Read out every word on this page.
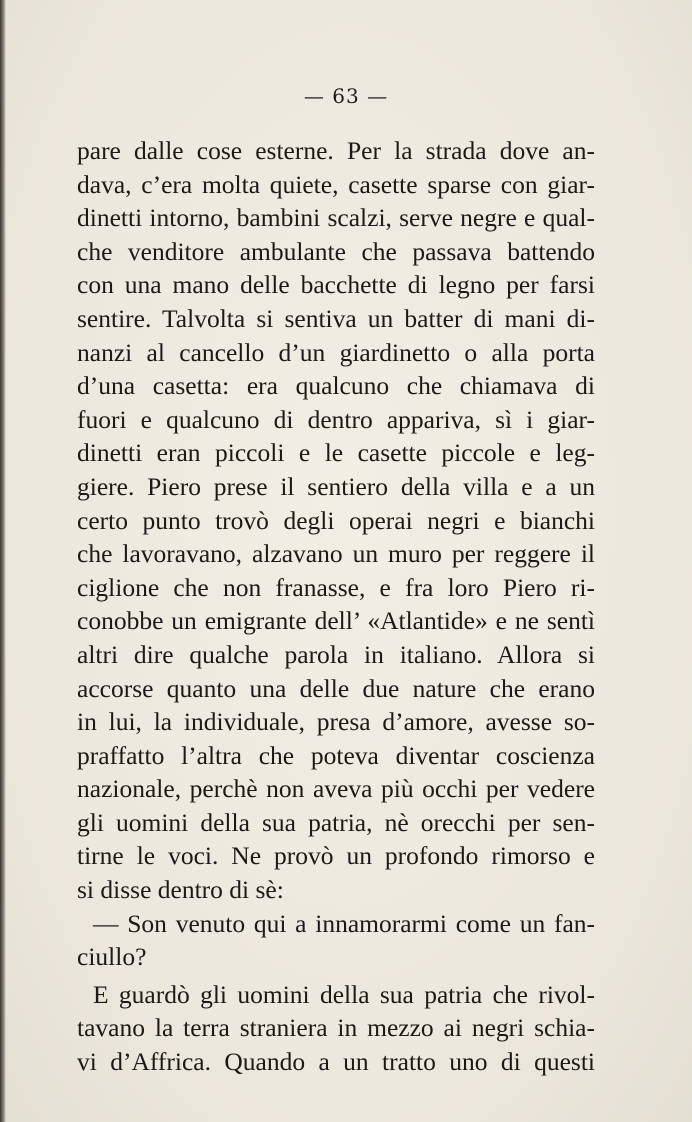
— 63 —
pare dalle cose esterne. Per la strada dove an-
dava, c’era molta quiete, casette sparse con giar-
dinetti intorno, bambini scalzi, serve negre e qual-
che venditore ambulante che passava battendo
con una mano delle bacchette di legno per farsi
sentire. Talvolta si sentiva un batter di mani di-
nanzi al cancello d’un giardinetto o alla porta
d’una casetta: era qualcuno che chiamava di
fuori e qualcuno di dentro appariva, sì i giar-
dinetti eran piccoli e le casette piccole e leg-
giere. Piero prese il sentiero della villa e a un
certo punto trovò degli operai negri e bianchi
che lavoravano, alzavano un muro per reggere il
ciglione che non franasse, e fra loro Piero ri-
conobbe un emigrante dell’ «Atlantide» e ne sentì
altri dire qualche parola in italiano. Allora si
accorse quanto una delle due nature che erano
in lui, la individuale, presa d’amore, avesse so-
praffatto l’altra che poteva diventar coscienza
nazionale, perchè non aveva più occhi per vedere
gli uomini della sua patria, nè orecchi per sen-
tirne le voci. Ne provò un profondo rimorso e
si disse dentro di sè:
— Son venuto qui a innamorarmi come un fan-
ciullo?
E guardò gli uomini della sua patria che rivol-
tavano la terra straniera in mezzo ai negri schia-
vi d’Affrica. Quando a un tratto uno di questi
